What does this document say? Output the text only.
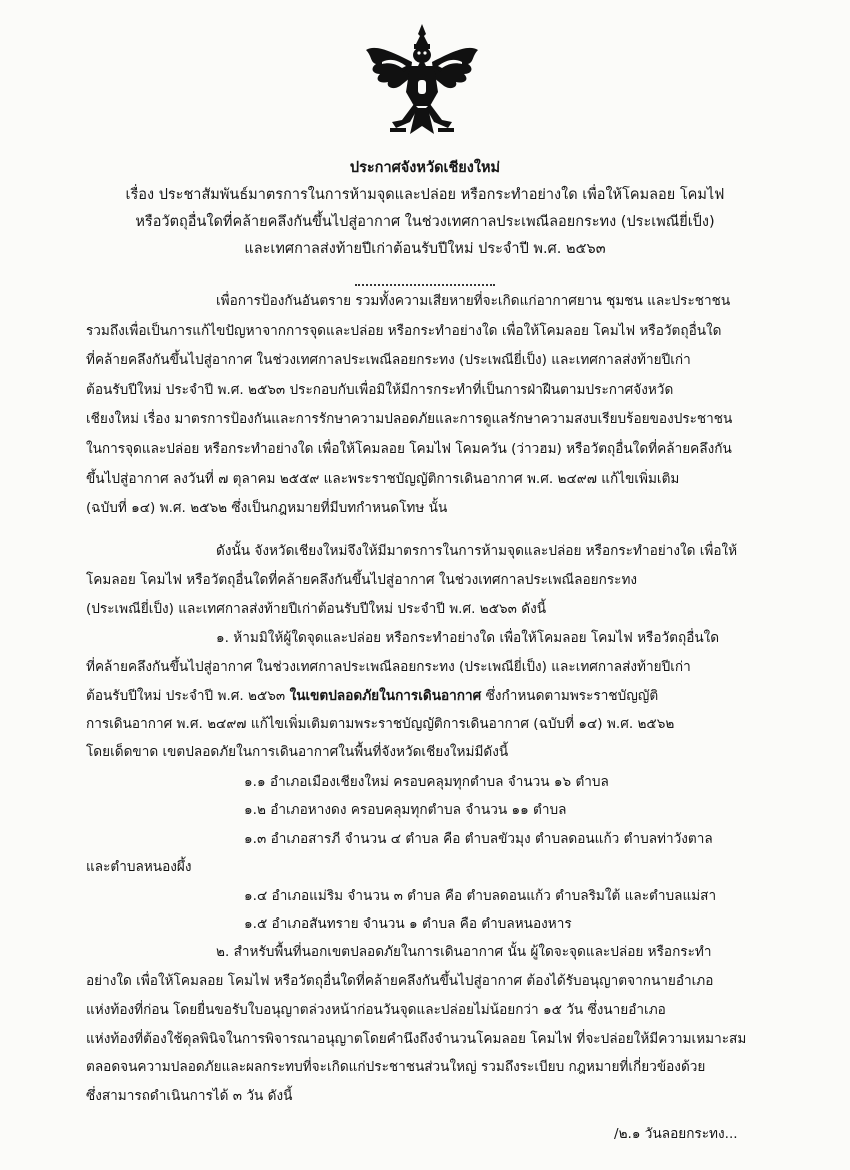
ประกาศจังหวัดเชียงใหม่
เรื่อง ประชาสัมพันธ์มาตรการในการห้ามจุดและปล่อย หรือกระทำอย่างใด เพื่อให้โคมลอย โคมไฟ
หรือวัตถุอื่นใดที่คล้ายคลึงกันขึ้นไปสู่อากาศ ในช่วงเทศกาลประเพณีลอยกระทง (ประเพณียี่เป็ง)
และเทศกาลส่งท้ายปีเก่าต้อนรับปีใหม่ ประจำปี พ.ศ. ๒๕๖๓
เพื่อการป้องกันอันตราย รวมทั้งความเสียหายที่จะเกิดแก่อากาศยาน ชุมชน และประชาชน
รวมถึงเพื่อเป็นการแก้ไขปัญหาจากการจุดและปล่อย หรือกระทำอย่างใด เพื่อให้โคมลอย โคมไฟ หรือวัตถุอื่นใด
ที่คล้ายคลึงกันขึ้นไปสู่อากาศ ในช่วงเทศกาลประเพณีลอยกระทง (ประเพณียี่เป็ง) และเทศกาลส่งท้ายปีเก่า
ต้อนรับปีใหม่ ประจำปี พ.ศ. ๒๕๖๓ ประกอบกับเพื่อมิให้มีการกระทำที่เป็นการฝ่าฝืนตามประกาศจังหวัด
เชียงใหม่ เรื่อง มาตรการป้องกันและการรักษาความปลอดภัยและการดูแลรักษาความสงบเรียบร้อยของประชาชน
ในการจุดและปล่อย หรือกระทำอย่างใด เพื่อให้โคมลอย โคมไฟ โคมควัน (ว่าวฮม) หรือวัตถุอื่นใดที่คล้ายคลึงกัน
ขึ้นไปสู่อากาศ ลงวันที่ ๗ ตุลาคม ๒๕๕๙ และพระราชบัญญัติการเดินอากาศ พ.ศ. ๒๔๙๗ แก้ไขเพิ่มเติม
(ฉบับที่ ๑๔) พ.ศ. ๒๕๖๒ ซึ่งเป็นกฎหมายที่มีบทกำหนดโทษ นั้น
ดังนั้น จังหวัดเชียงใหม่จึงให้มีมาตรการในการห้ามจุดและปล่อย หรือกระทำอย่างใด เพื่อให้
โคมลอย โคมไฟ หรือวัตถุอื่นใดที่คล้ายคลึงกันขึ้นไปสู่อากาศ ในช่วงเทศกาลประเพณีลอยกระทง
(ประเพณียี่เป็ง) และเทศกาลส่งท้ายปีเก่าต้อนรับปีใหม่ ประจำปี พ.ศ. ๒๕๖๓ ดังนี้
๑. ห้ามมิให้ผู้ใดจุดและปล่อย หรือกระทำอย่างใด เพื่อให้โคมลอย โคมไฟ หรือวัตถุอื่นใด
ที่คล้ายคลึงกันขึ้นไปสู่อากาศ ในช่วงเทศกาลประเพณีลอยกระทง (ประเพณียี่เป็ง) และเทศกาลส่งท้ายปีเก่า
ต้อนรับปีใหม่ ประจำปี พ.ศ. ๒๕๖๓ ในเขตปลอดภัยในการเดินอากาศ ซึ่งกำหนดตามพระราชบัญญัติ
การเดินอากาศ พ.ศ. ๒๔๙๗ แก้ไขเพิ่มเติมตามพระราชบัญญัติการเดินอากาศ (ฉบับที่ ๑๔) พ.ศ. ๒๕๖๒
โดยเด็ดขาด เขตปลอดภัยในการเดินอากาศในพื้นที่จังหวัดเชียงใหม่มีดังนี้
๑.๑ อำเภอเมืองเชียงใหม่ ครอบคลุมทุกตำบล จำนวน ๑๖ ตำบล
๑.๒ อำเภอหางดง ครอบคลุมทุกตำบล จำนวน ๑๑ ตำบล
๑.๓ อำเภอสารภี จำนวน ๔ ตำบล คือ ตำบลขัวมุง ตำบลดอนแก้ว ตำบลท่าวังตาล
และตำบลหนองผึ้ง
๑.๔ อำเภอแม่ริม จำนวน ๓ ตำบล คือ ตำบลดอนแก้ว ตำบลริมใต้ และตำบลแม่สา
๑.๕ อำเภอสันทราย จำนวน ๑ ตำบล คือ ตำบลหนองหาร
๒. สำหรับพื้นที่นอกเขตปลอดภัยในการเดินอากาศ นั้น ผู้ใดจะจุดและปล่อย หรือกระทำ
อย่างใด เพื่อให้โคมลอย โคมไฟ หรือวัตถุอื่นใดที่คล้ายคลึงกันขึ้นไปสู่อากาศ ต้องได้รับอนุญาตจากนายอำเภอ
แห่งท้องที่ก่อน โดยยื่นขอรับใบอนุญาตล่วงหน้าก่อนวันจุดและปล่อยไม่น้อยกว่า ๑๕ วัน ซึ่งนายอำเภอ
แห่งท้องที่ต้องใช้ดุลพินิจในการพิจารณาอนุญาตโดยคำนึงถึงจำนวนโคมลอย โคมไฟ ที่จะปล่อยให้มีความเหมาะสม
ตลอดจนความปลอดภัยและผลกระทบที่จะเกิดแก่ประชาชนส่วนใหญ่ รวมถึงระเบียบ กฎหมายที่เกี่ยวข้องด้วย
ซึ่งสามารถดำเนินการได้ ๓ วัน ดังนี้
/๒.๑ วันลอยกระทง...
